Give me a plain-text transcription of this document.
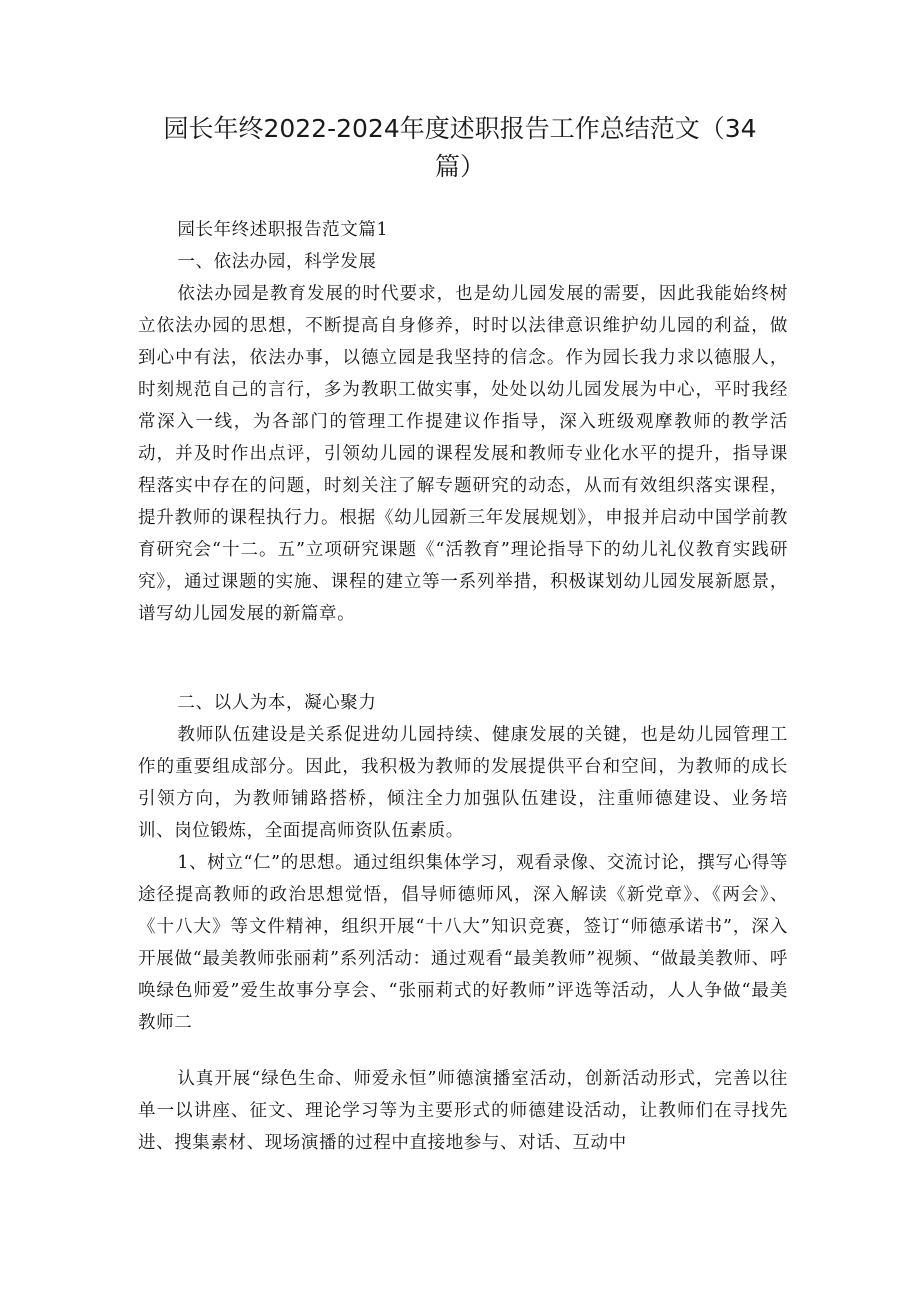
园长年终2022-2024年度述职报告工作总结范文（34
篇）

园长年终述职报告范文篇1

一、依法办园，科学发展

依法办园是教育发展的时代要求，也是幼儿园发展的需要，因此我能始终树立依法办园的思想，不断提高自身修养，时时以法律意识维护幼儿园的利益，做到心中有法，依法办事，以德立园是我坚持的信念。作为园长我力求以德服人，时刻规范自己的言行，多为教职工做实事，处处以幼儿园发展为中心，平时我经常深入一线，为各部门的管理工作提建议作指导，深入班级观摩教师的教学活动，并及时作出点评，引领幼儿园的课程发展和教师专业化水平的提升，指导课程落实中存在的问题，时刻关注了解专题研究的动态，从而有效组织落实课程，提升教师的课程执行力。根据《幼儿园新三年发展规划》，申报并启动中国学前教育研究会“十二。五”立项研究课题《“活教育”理论指导下的幼儿礼仪教育实践研究》，通过课题的实施、课程的建立等一系列举措，积极谋划幼儿园发展新愿景，谱写幼儿园发展的新篇章。

二、以人为本，凝心聚力

教师队伍建设是关系促进幼儿园持续、健康发展的关键，也是幼儿园管理工作的重要组成部分。因此，我积极为教师的发展提供平台和空间，为教师的成长引领方向，为教师铺路搭桥，倾注全力加强队伍建设，注重师德建设、业务培训、岗位锻炼，全面提高师资队伍素质。

1、树立“仁”的思想。通过组织集体学习，观看录像、交流讨论，撰写心得等途径提高教师的政治思想觉悟，倡导师德师风，深入解读《新党章》、《两会》、《十八大》等文件精神，组织开展“十八大”知识竞赛，签订“师德承诺书”，深入开展做“最美教师张丽莉”系列活动：通过观看“最美教师”视频、“做最美教师、呼唤绿色师爱”爱生故事分享会、“张丽莉式的好教师”评选等活动，人人争做“最美教师二

认真开展“绿色生命、师爱永恒”师德演播室活动，创新活动形式，完善以往单一以讲座、征文、理论学习等为主要形式的师德建设活动，让教师们在寻找先进、搜集素材、现场演播的过程中直接地参与、对话、互动中
